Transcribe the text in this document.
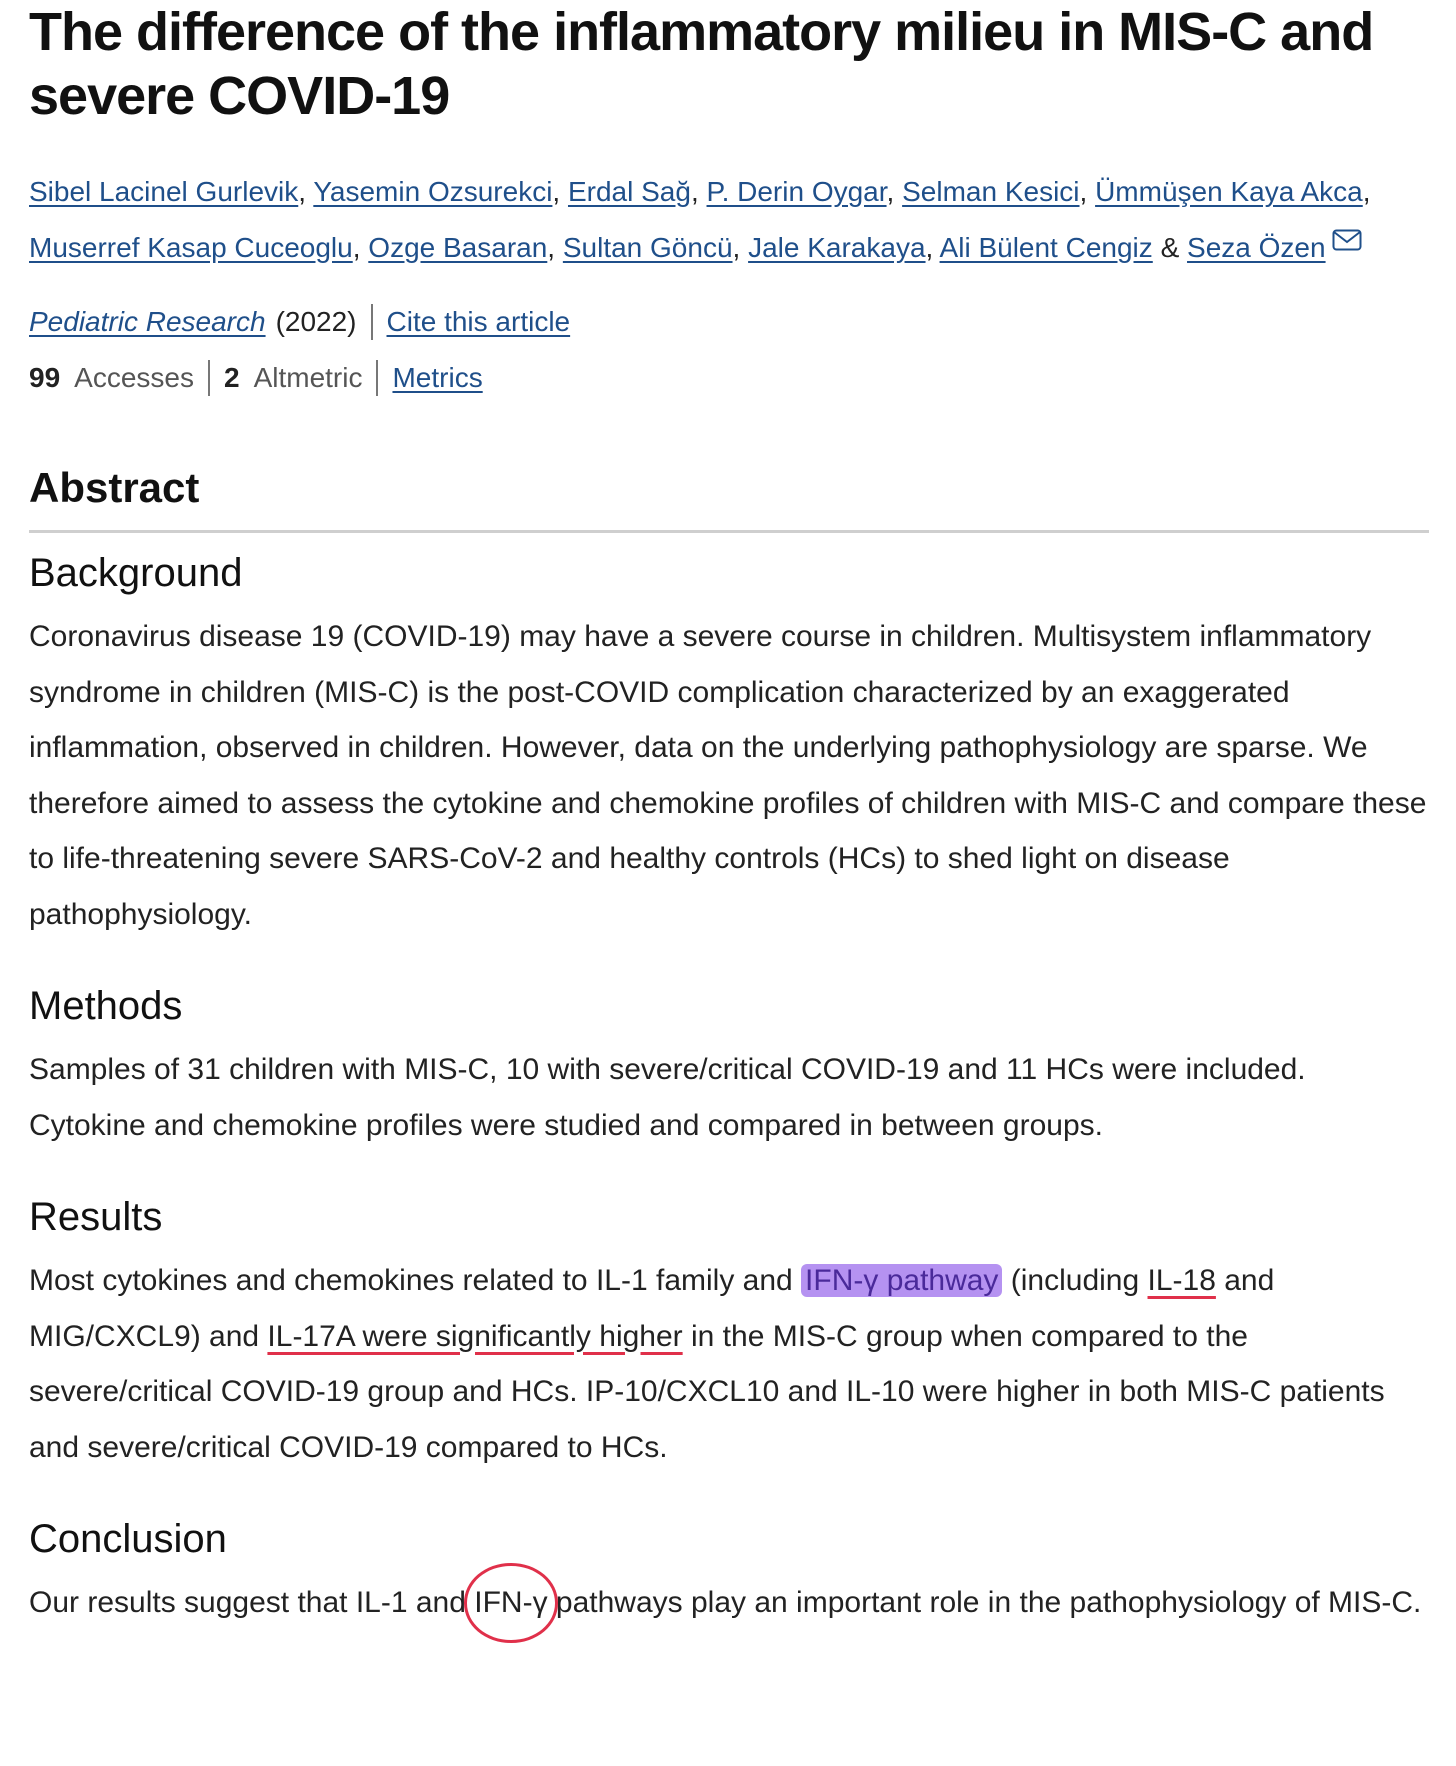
The difference of the inflammatory milieu in MIS-C and severe COVID-19
Sibel Lacinel Gurlevik, Yasemin Ozsurekci, Erdal Sağ, P. Derin Oygar, Selman Kesici, Ümmüşen Kaya Akca,
Muserref Kasap Cuceoglu, Ozge Basaran, Sultan Göncü, Jale Karakaya, Ali Bülent Cengiz & Seza Özen
Pediatric Research (2022) Cite this article
99 Accesses 2 Altmetric Metrics
Abstract
Background
Coronavirus disease 19 (COVID-19) may have a severe course in children. Multisystem inflammatory syndrome in children (MIS-C) is the post-COVID complication characterized by an exaggerated inflammation, observed in children. However, data on the underlying pathophysiology are sparse. We therefore aimed to assess the cytokine and chemokine profiles of children with MIS-C and compare these to life-threatening severe SARS-CoV-2 and healthy controls (HCs) to shed light on disease pathophysiology.
Methods
Samples of 31 children with MIS-C, 10 with severe/critical COVID-19 and 11 HCs were included. Cytokine and chemokine profiles were studied and compared in between groups.
Results
Most cytokines and chemokines related to IL-1 family and IFN-γ pathway (including IL-18 and MIG/CXCL9) and IL-17A were significantly higher in the MIS-C group when compared to the severe/critical COVID-19 group and HCs. IP-10/CXCL10 and IL-10 were higher in both MIS-C patients and severe/critical COVID-19 compared to HCs.
Conclusion
Our results suggest that IL-1 and IFN-γ pathways play an important role in the pathophysiology of MIS-C.
